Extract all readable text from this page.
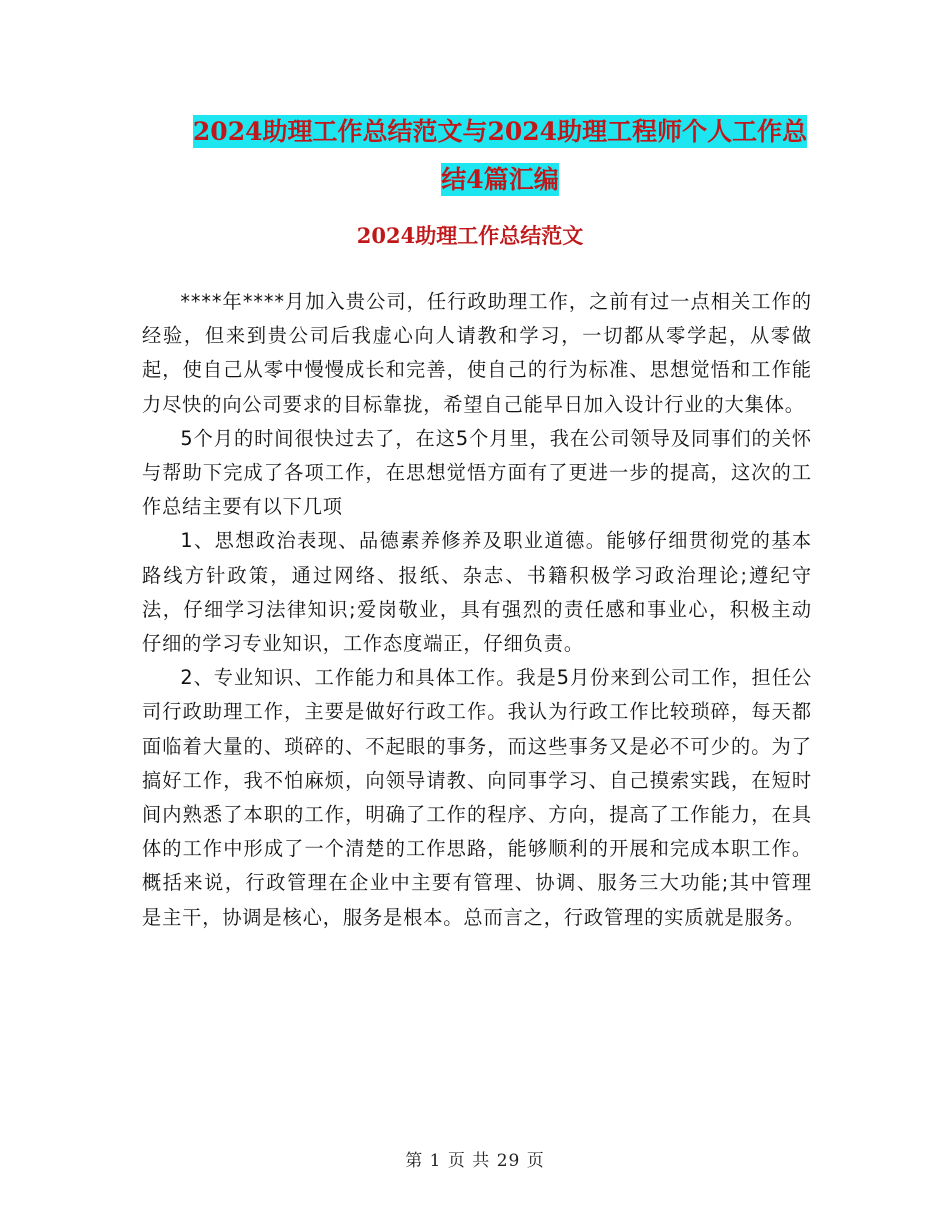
2024助理工作总结范文与2024助理工程师个人工作总
结4篇汇编
2024助理工作总结范文

****年****月加入贵公司，任行政助理工作，之前有过一点相关工作的经验，但来到贵公司后我虚心向人请教和学习，一切都从零学起，从零做起，使自己从零中慢慢成长和完善，使自己的行为标准、思想觉悟和工作能力尽快的向公司要求的目标靠拢，希望自己能早日加入设计行业的大集体。

5个月的时间很快过去了，在这5个月里，我在公司领导及同事们的关怀与帮助下完成了各项工作，在思想觉悟方面有了更进一步的提高，这次的工作总结主要有以下几项

1、思想政治表现、品德素养修养及职业道德。能够仔细贯彻党的基本路线方针政策，通过网络、报纸、杂志、书籍积极学习政治理论;遵纪守法，仔细学习法律知识;爱岗敬业，具有强烈的责任感和事业心，积极主动仔细的学习专业知识，工作态度端正，仔细负责。

2、专业知识、工作能力和具体工作。我是5月份来到公司工作，担任公司行政助理工作，主要是做好行政工作。我认为行政工作比较琐碎，每天都面临着大量的、琐碎的、不起眼的事务，而这些事务又是必不可少的。为了搞好工作，我不怕麻烦，向领导请教、向同事学习、自己摸索实践，在短时间内熟悉了本职的工作，明确了工作的程序、方向，提高了工作能力，在具体的工作中形成了一个清楚的工作思路，能够顺利的开展和完成本职工作。概括来说，行政管理在企业中主要有管理、协调、服务三大功能;其中管理是主干，协调是核心，服务是根本。总而言之，行政管理的实质就是服务。

第 1 页 共 29 页
